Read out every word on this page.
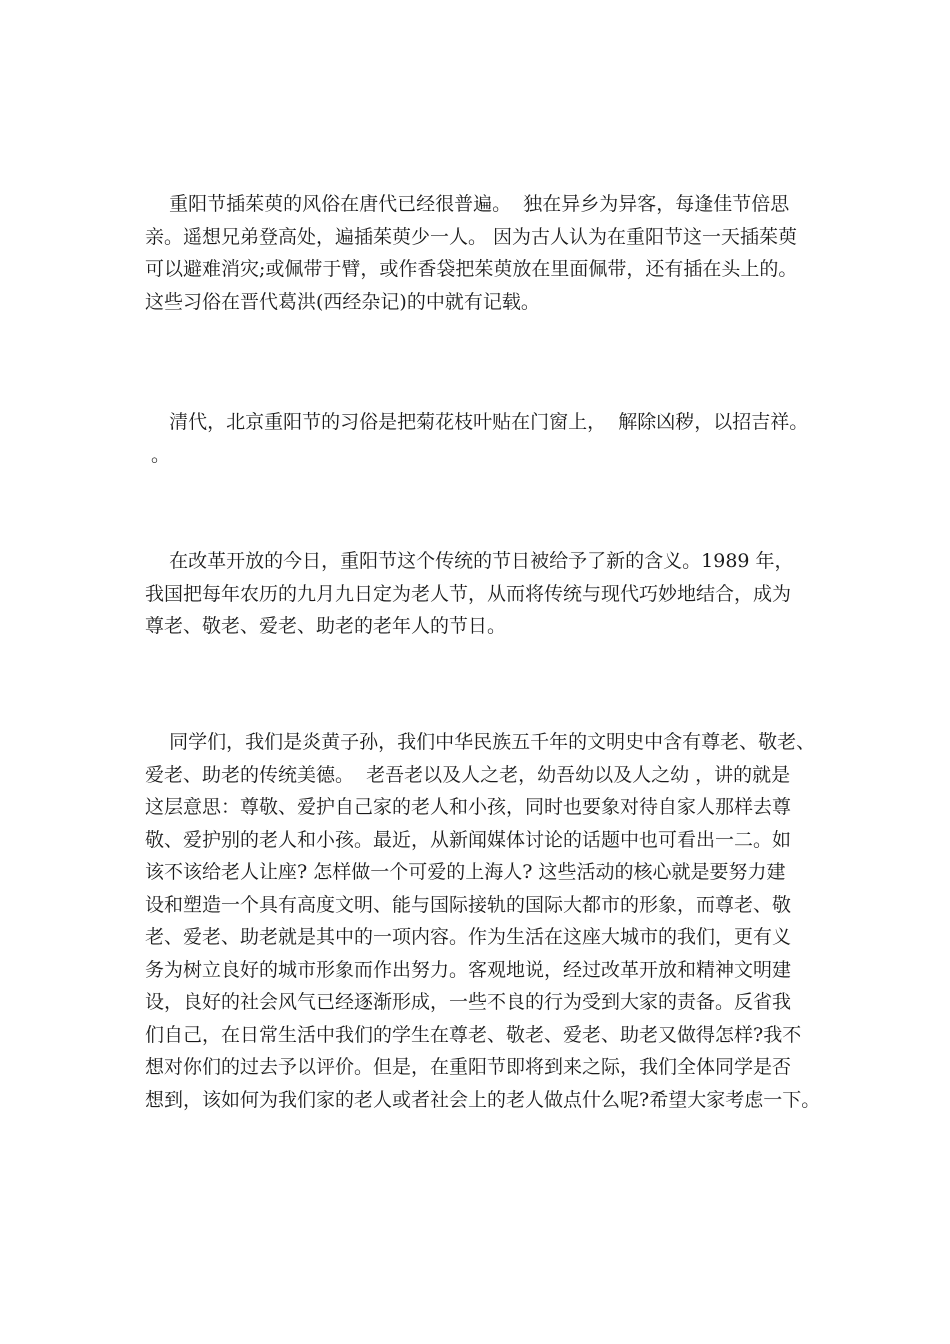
重阳节插茱萸的风俗在唐代已经很普遍。  独在异乡为异客，每逢佳节倍思
亲。遥想兄弟登高处，遍插茱萸少一人。 因为古人认为在重阳节这一天插茱萸
可以避难消灾;或佩带于臂，或作香袋把茱萸放在里面佩带，还有插在头上的。
这些习俗在晋代葛洪(西经杂记)的中就有记载。
清代，北京重阳节的习俗是把菊花枝叶贴在门窗上，  解除凶秽，以招吉祥。
。
在改革开放的今日，重阳节这个传统的节日被给予了新的含义。1989 年，
我国把每年农历的九月九日定为老人节，从而将传统与现代巧妙地结合，成为
尊老、敬老、爱老、助老的老年人的节日。
同学们，我们是炎黄子孙，我们中华民族五千年的文明史中含有尊老、敬老、
爱老、助老的传统美德。  老吾老以及人之老，幼吾幼以及人之幼 ，讲的就是
这层意思：尊敬、爱护自己家的老人和小孩，同时也要象对待自家人那样去尊
敬、爱护别的老人和小孩。最近，从新闻媒体讨论的话题中也可看出一二。如
该不该给老人让座? 怎样做一个可爱的上海人? 这些活动的核心就是要努力建
设和塑造一个具有高度文明、能与国际接轨的国际大都市的形象，而尊老、敬
老、爱老、助老就是其中的一项内容。作为生活在这座大城市的我们，更有义
务为树立良好的城市形象而作出努力。客观地说，经过改革开放和精神文明建
设，良好的社会风气已经逐渐形成，一些不良的行为受到大家的责备。反省我
们自己，在日常生活中我们的学生在尊老、敬老、爱老、助老又做得怎样?我不
想对你们的过去予以评价。但是，在重阳节即将到来之际，我们全体同学是否
想到，该如何为我们家的老人或者社会上的老人做点什么呢?希望大家考虑一下。
